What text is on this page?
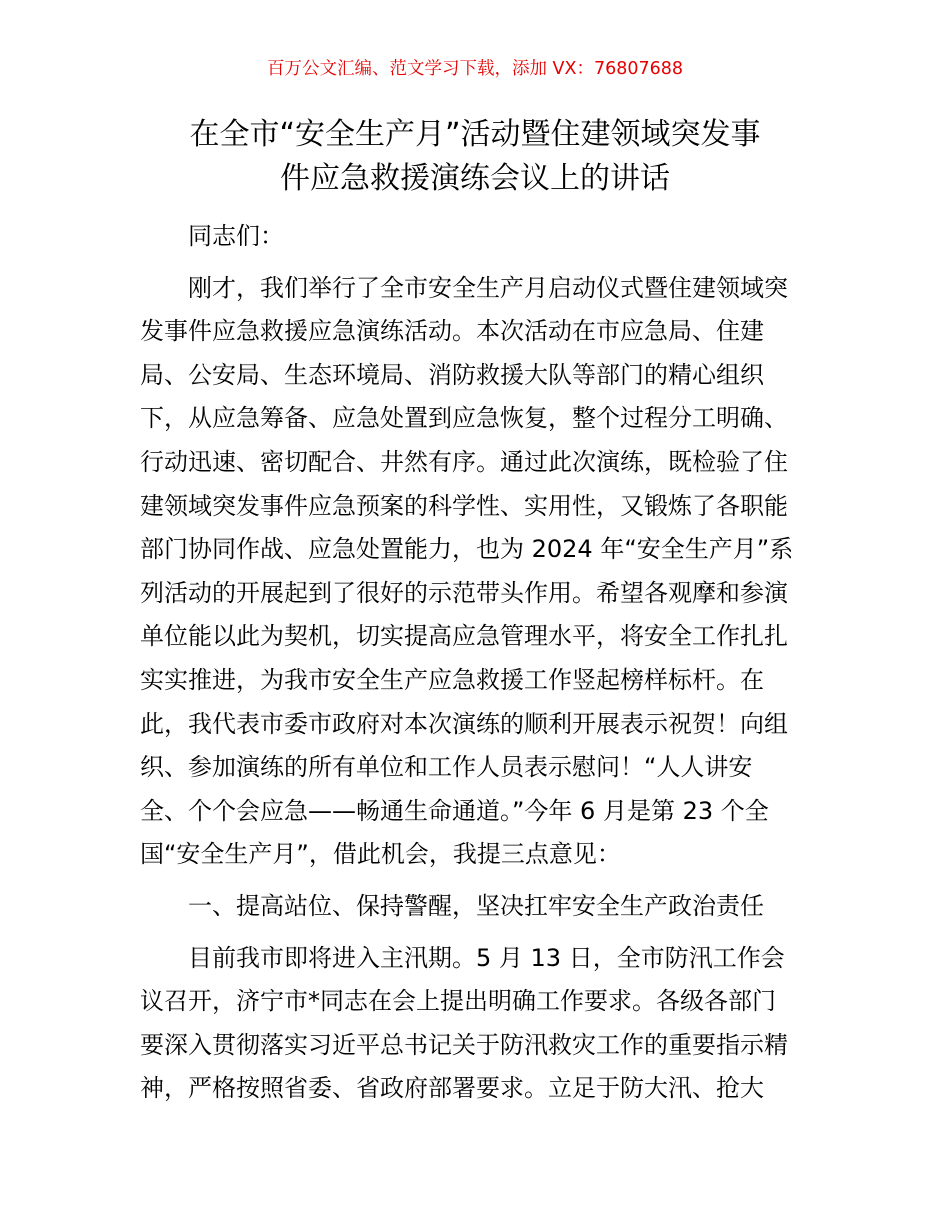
百万公文汇编、范文学习下载，添加 VX：76807688
在全市“安全生产月”活动暨住建领域突发事
件应急救援演练会议上的讲话
同志们：
刚才，我们举行了全市安全生产月启动仪式暨住建领域突
发事件应急救援应急演练活动。本次活动在市应急局、住建
局、公安局、生态环境局、消防救援大队等部门的精心组织
下，从应急筹备、应急处置到应急恢复，整个过程分工明确、
行动迅速、密切配合、井然有序。通过此次演练，既检验了住
建领域突发事件应急预案的科学性、实用性，又锻炼了各职能
部门协同作战、应急处置能力，也为 2024 年“安全生产月”系
列活动的开展起到了很好的示范带头作用。希望各观摩和参演
单位能以此为契机，切实提高应急管理水平，将安全工作扎扎
实实推进，为我市安全生产应急救援工作竖起榜样标杆。在
此，我代表市委市政府对本次演练的顺利开展表示祝贺！向组
织、参加演练的所有单位和工作人员表示慰问！“人人讲安
全、个个会应急——畅通生命通道。”今年 6 月是第 23 个全
国“安全生产月”，借此机会，我提三点意见：
一、提高站位、保持警醒，坚决扛牢安全生产政治责任
目前我市即将进入主汛期。5 月 13 日，全市防汛工作会
议召开，济宁市*同志在会上提出明确工作要求。各级各部门
要深入贯彻落实习近平总书记关于防汛救灾工作的重要指示精
神，严格按照省委、省政府部署要求。立足于防大汛、抢大
